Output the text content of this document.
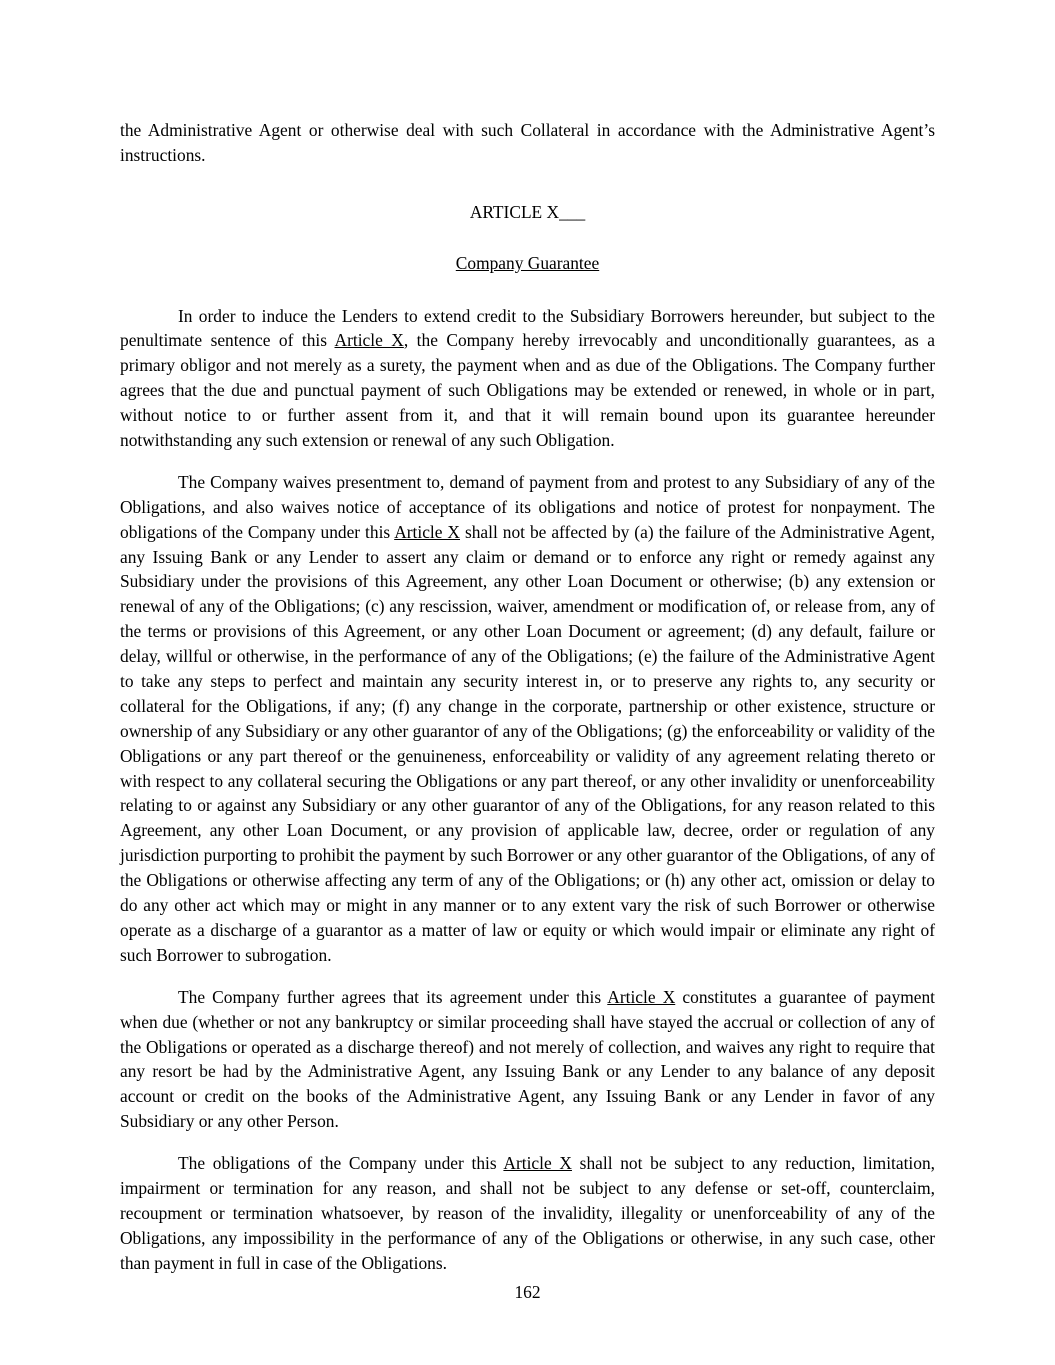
the Administrative Agent or otherwise deal with such Collateral in accordance with the Administrative Agent’s instructions.

ARTICLE X___

Company Guarantee

In order to induce the Lenders to extend credit to the Subsidiary Borrowers hereunder, but subject to the penultimate sentence of this Article X, the Company hereby irrevocably and unconditionally guarantees, as a primary obligor and not merely as a surety, the payment when and as due of the Obligations. The Company further agrees that the due and punctual payment of such Obligations may be extended or renewed, in whole or in part, without notice to or further assent from it, and that it will remain bound upon its guarantee hereunder notwithstanding any such extension or renewal of any such Obligation.

The Company waives presentment to, demand of payment from and protest to any Subsidiary of any of the Obligations, and also waives notice of acceptance of its obligations and notice of protest for nonpayment. The obligations of the Company under this Article X shall not be affected by (a) the failure of the Administrative Agent, any Issuing Bank or any Lender to assert any claim or demand or to enforce any right or remedy against any Subsidiary under the provisions of this Agreement, any other Loan Document or otherwise; (b) any extension or renewal of any of the Obligations; (c) any rescission, waiver, amendment or modification of, or release from, any of the terms or provisions of this Agreement, or any other Loan Document or agreement; (d) any default, failure or delay, willful or otherwise, in the performance of any of the Obligations; (e) the failure of the Administrative Agent to take any steps to perfect and maintain any security interest in, or to preserve any rights to, any security or collateral for the Obligations, if any; (f) any change in the corporate, partnership or other existence, structure or ownership of any Subsidiary or any other guarantor of any of the Obligations; (g) the enforceability or validity of the Obligations or any part thereof or the genuineness, enforceability or validity of any agreement relating thereto or with respect to any collateral securing the Obligations or any part thereof, or any other invalidity or unenforceability relating to or against any Subsidiary or any other guarantor of any of the Obligations, for any reason related to this Agreement, any other Loan Document, or any provision of applicable law, decree, order or regulation of any jurisdiction purporting to prohibit the payment by such Borrower or any other guarantor of the Obligations, of any of the Obligations or otherwise affecting any term of any of the Obligations; or (h) any other act, omission or delay to do any other act which may or might in any manner or to any extent vary the risk of such Borrower or otherwise operate as a discharge of a guarantor as a matter of law or equity or which would impair or eliminate any right of such Borrower to subrogation.

The Company further agrees that its agreement under this Article X constitutes a guarantee of payment when due (whether or not any bankruptcy or similar proceeding shall have stayed the accrual or collection of any of the Obligations or operated as a discharge thereof) and not merely of collection, and waives any right to require that any resort be had by the Administrative Agent, any Issuing Bank or any Lender to any balance of any deposit account or credit on the books of the Administrative Agent, any Issuing Bank or any Lender in favor of any Subsidiary or any other Person.

The obligations of the Company under this Article X shall not be subject to any reduction, limitation, impairment or termination for any reason, and shall not be subject to any defense or set-off, counterclaim, recoupment or termination whatsoever, by reason of the invalidity, illegality or unenforceability of any of the Obligations, any impossibility in the performance of any of the Obligations or otherwise, in any such case, other than payment in full in case of the Obligations.

162
